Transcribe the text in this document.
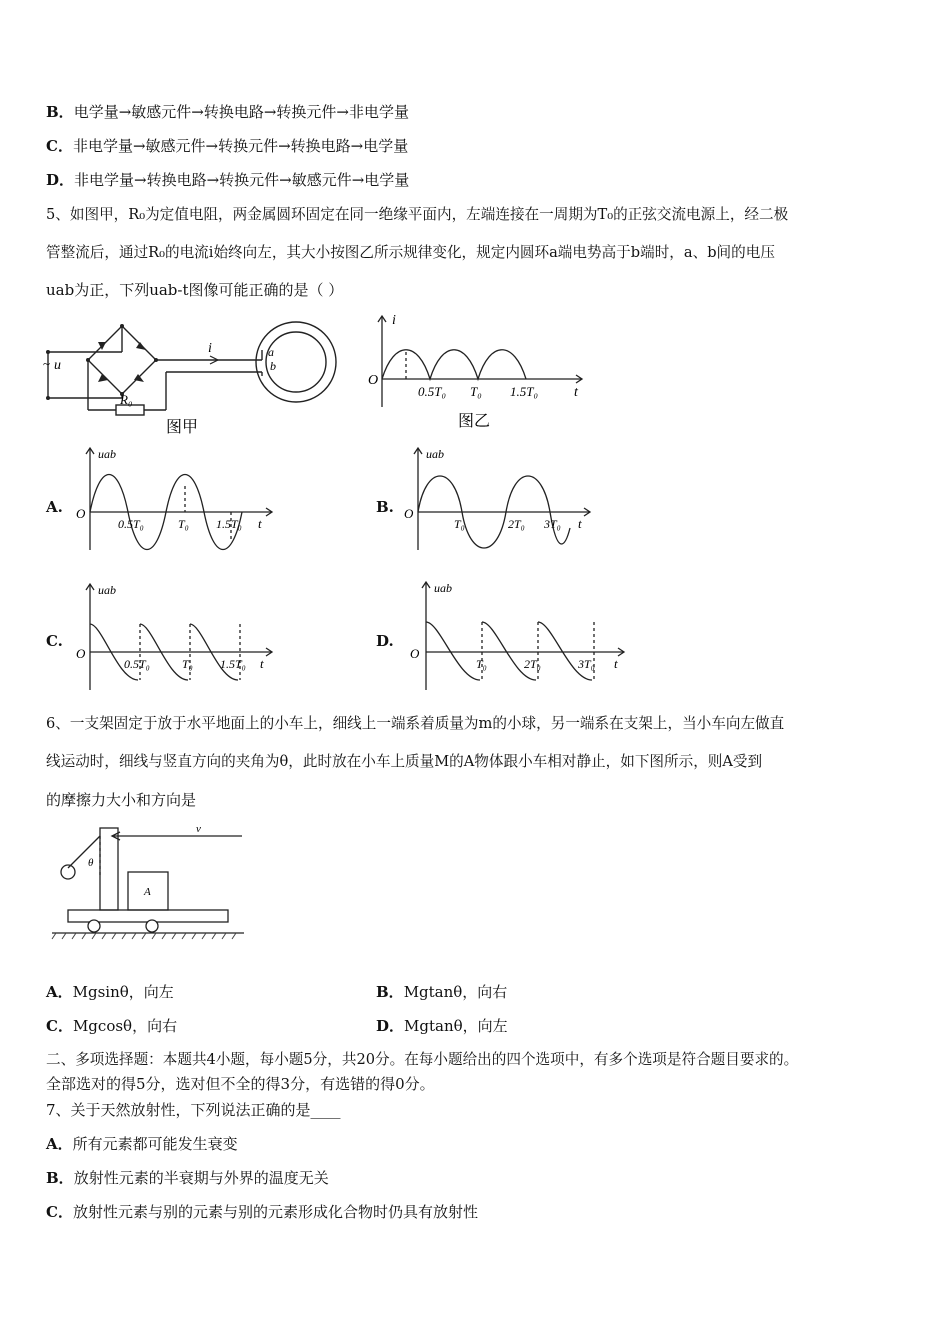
B．电学量→敏感元件→转换电路→转换元件→非电学量
C．非电学量→敏感元件→转换元件→转换电路→电学量
D．非电学量→转换电路→转换元件→敏感元件→电学量
5、如图甲，R₀为定值电阻，两金属圆环固定在同一绝缘平面内，左端连接在一周期为T₀的正弦交流电源上，经二极
管整流后，通过R₀的电流i始终向左，其大小按图乙所示规律变化，规定内圆环a端电势高于b端时，a、b间的电压
uab为正，下列uab-t图像可能正确的是（ ）
~ u
i	a
b
R₀
图甲
i
O
t
0.5T₀ T₀ 1.5T₀
图乙
A.
uab
O
t
0.5T₀	T₀ 1.5T₀
B.
uab
O
t
T₀	2T₀ 3T₀
C.
uab
O
t
0.5T₀	T₀ 1.5T₀
D.
uab
O
t
T₀	2T₀	3T₀
6、一支架固定于放于水平地面上的小车上，细线上一端系着质量为m的小球，另一端系在支架上，当小车向左做直
线运动时，细线与竖直方向的夹角为θ，此时放在小车上质量M的A物体跟小车相对静止，如下图所示，则A受到
的摩擦力大小和方向是
v
θ
A
A．Mgsinθ，向左	B．Mgtanθ，向右
C．Mgcosθ，向右	D．Mgtanθ，向左
二、多项选择题：本题共4小题，每小题5分，共20分。在每小题给出的四个选项中，有多个选项是符合题目要求的。
全部选对的得5分，选对但不全的得3分，有选错的得0分。
7、关于天然放射性，下列说法正确的是____
A．所有元素都可能发生衰变
B．放射性元素的半衰期与外界的温度无关
C．放射性元素与别的元素与别的元素形成化合物时仍具有放射性
